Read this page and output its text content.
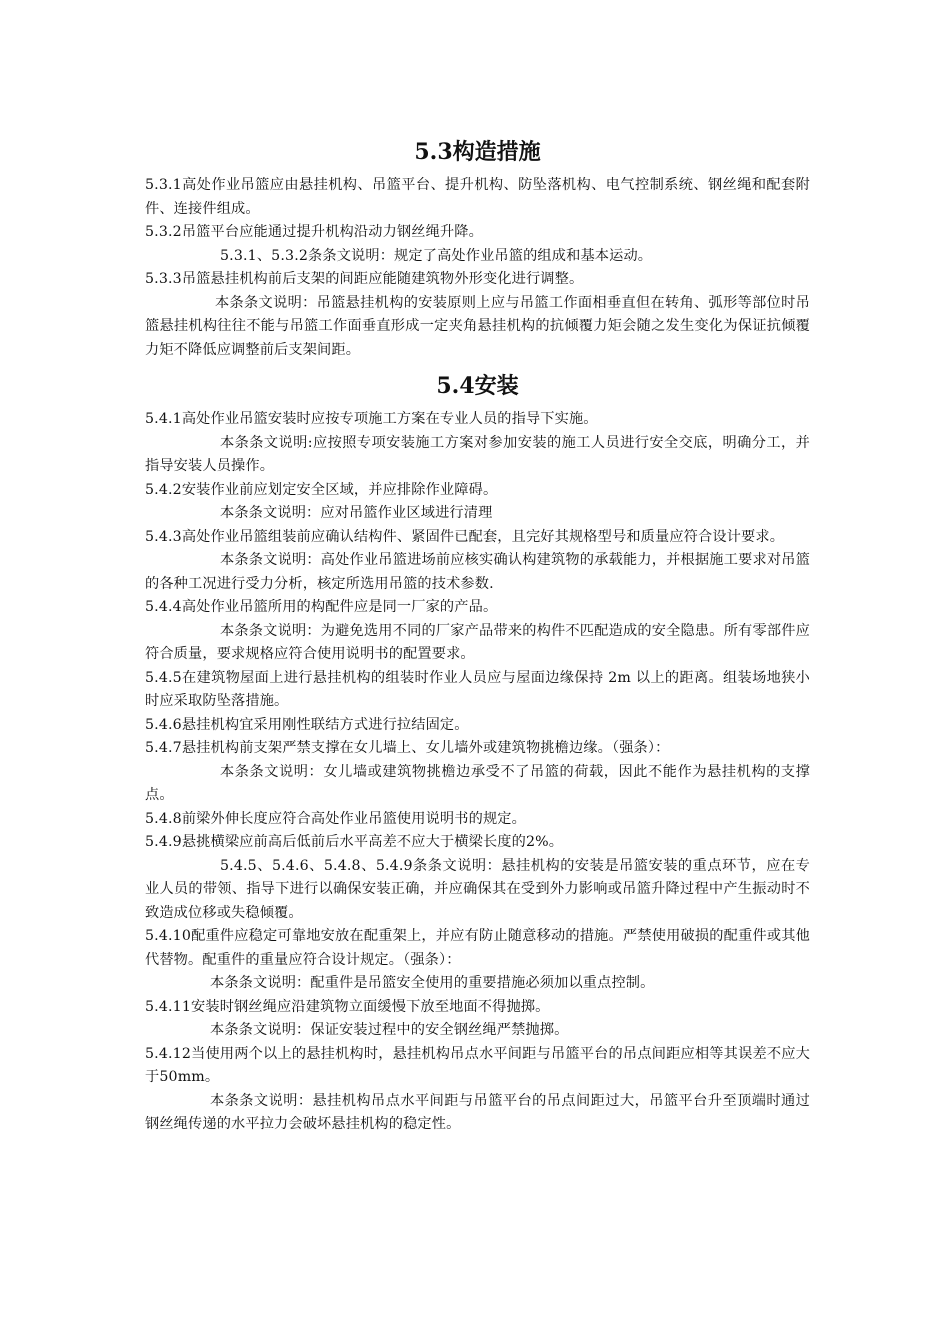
5.3构造措施

5.3.1高处作业吊篮应由悬挂机构、吊篮平台、提升机构、防坠落机构、电气控制系统、钢丝绳和配套附件、连接件组成。

5.3.2吊篮平台应能通过提升机构沿动力钢丝绳升降。

5.3.1、5.3.2条条文说明：规定了高处作业吊篮的组成和基本运动。

5.3.3吊篮悬挂机构前后支架的间距应能随建筑物外形变化进行调整。

本条条文说明：吊篮悬挂机构的安装原则上应与吊篮工作面相垂直但在转角、弧形等部位时吊篮悬挂机构往往不能与吊篮工作面垂直形成一定夹角悬挂机构的抗倾覆力矩会随之发生变化为保证抗倾覆力矩不降低应调整前后支架间距。

5.4安装

5.4.1高处作业吊篮安装时应按专项施工方案在专业人员的指导下实施。

本条条文说明:应按照专项安装施工方案对参加安装的施工人员进行安全交底，明确分工，并指导安装人员操作。

5.4.2安装作业前应划定安全区域，并应排除作业障碍。

本条条文说明：应对吊篮作业区域进行清理

5.4.3高处作业吊篮组装前应确认结构件、紧固件已配套，且完好其规格型号和质量应符合设计要求。

本条条文说明：高处作业吊篮进场前应核实确认构建筑物的承载能力，并根据施工要求对吊篮的各种工况进行受力分析，核定所选用吊篮的技术参数.

5.4.4高处作业吊篮所用的构配件应是同一厂家的产品。

本条条文说明：为避免选用不同的厂家产品带来的构件不匹配造成的安全隐患。所有零部件应符合质量，要求规格应符合使用说明书的配置要求。

5.4.5在建筑物屋面上进行悬挂机构的组装时作业人员应与屋面边缘保持 2m 以上的距离。组装场地狭小时应采取防坠落措施。

5.4.6悬挂机构宜采用刚性联结方式进行拉结固定。

5.4.7悬挂机构前支架严禁支撑在女儿墙上、女儿墙外或建筑物挑檐边缘。（强条）：

本条条文说明：女儿墙或建筑物挑檐边承受不了吊篮的荷载，因此不能作为悬挂机构的支撑点。

5.4.8前梁外伸长度应符合高处作业吊篮使用说明书的规定。

5.4.9悬挑横梁应前高后低前后水平高差不应大于横梁长度的2%。

5.4.5、5.4.6、5.4.8、5.4.9条条文说明：悬挂机构的安装是吊篮安装的重点环节，应在专业人员的带领、指导下进行以确保安装正确，并应确保其在受到外力影响或吊篮升降过程中产生振动时不致造成位移或失稳倾覆。

5.4.10配重件应稳定可靠地安放在配重架上，并应有防止随意移动的措施。严禁使用破损的配重件或其他代替物。配重件的重量应符合设计规定。（强条）：

本条条文说明：配重件是吊篮安全使用的重要措施必须加以重点控制。

5.4.11安装时钢丝绳应沿建筑物立面缓慢下放至地面不得抛掷。

本条条文说明：保证安装过程中的安全钢丝绳严禁抛掷。

5.4.12当使用两个以上的悬挂机构时，悬挂机构吊点水平间距与吊篮平台的吊点间距应相等其误差不应大于50mm。

本条条文说明：悬挂机构吊点水平间距与吊篮平台的吊点间距过大，吊篮平台升至顶端时通过钢丝绳传递的水平拉力会破坏悬挂机构的稳定性。
